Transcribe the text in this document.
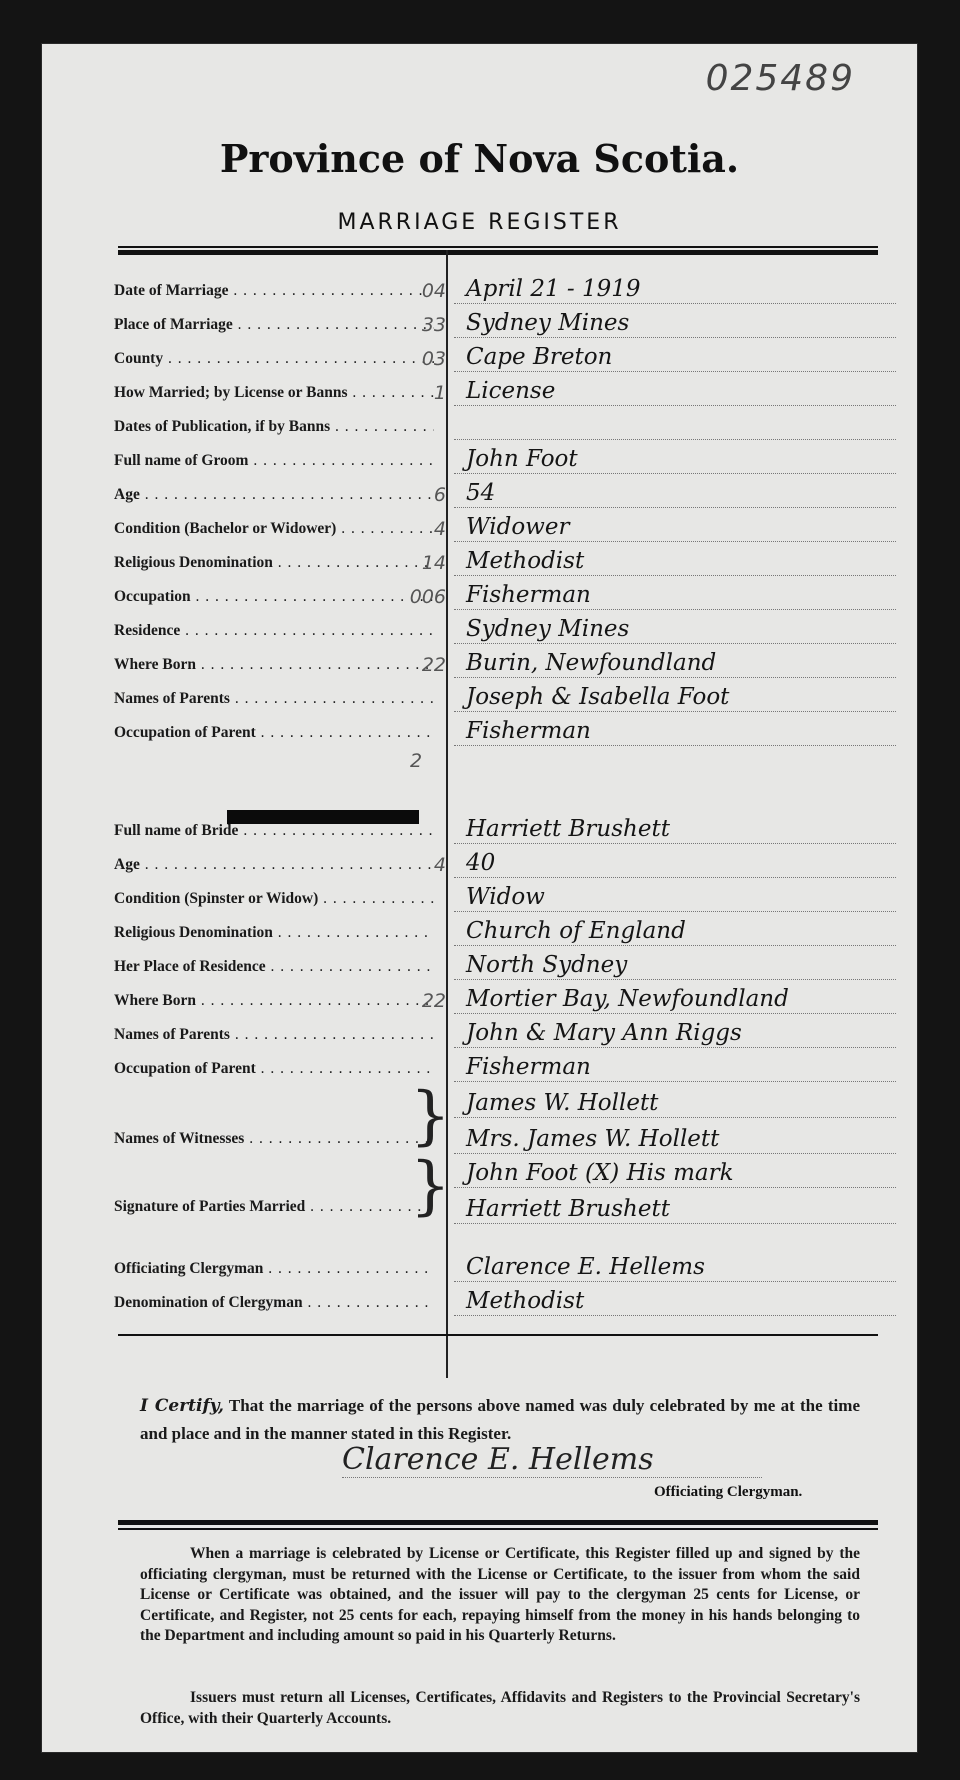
025489
Province of Nova Scotia.
MARRIAGE REGISTER
Date of Marriage . . .	04 April 21 - 1919
Place of Marriage . . .	33 Sydney Mines
County . . .	03 Cape Breton
How Married; by License or Banns . . .	1 License
Dates of Publication, if by Banns . . .
Full name of Groom . . .	John Foot
Age . . .	6 54
Condition (Bachelor or Widower) . . .	4 Widower
Religious Denomination . . .	14 Methodist
Occupation . . .	006 Fisherman
Residence . . .	Sydney Mines
Where Born . . .	22 Burin, Newfoundland
Names of Parents . . .	Joseph & Isabella Foot
Occupation of Parent . . .	Fisherman
2
Full name of Bride . . .	Harriett Brushett
Age . . .	4 40
Condition (Spinster or Widow) . . .	Widow
Religious Denomination . . .	Church of England
Her Place of Residence . . .	North Sydney
Where Born . . .	22 Mortier Bay, Newfoundland
Names of Parents . . .	John & Mary Ann Riggs
Occupation of Parent . . .	Fisherman
Names of Witnesses . . .	} James W. Hollett
Mrs. James W. Hollett
Signature of Parties Married . . .	} John Foot (X) His mark
Harriett Brushett
Officiating Clergyman . . .	Clarence E. Hellems
Denomination of Clergyman . . .	Methodist
I Certify, That the marriage of the persons above named was duly celebrated by me at the time and place and in the manner stated in this Register.
Clarence E. Hellems
Officiating Clergyman.
When a marriage is celebrated by License or Certificate, this Register filled up and signed by the officiating clergyman, must be returned with the License or Certificate, to the issuer from whom the said License or Certificate was obtained, and the issuer will pay to the clergyman 25 cents for License, or Certificate, and Register, not 25 cents for each, repaying himself from the money in his hands belonging to the Department and including amount so paid in his Quarterly Returns.
Issuers must return all Licenses, Certificates, Affidavits and Registers to the Provincial Secretary's Office, with their Quarterly Accounts.
